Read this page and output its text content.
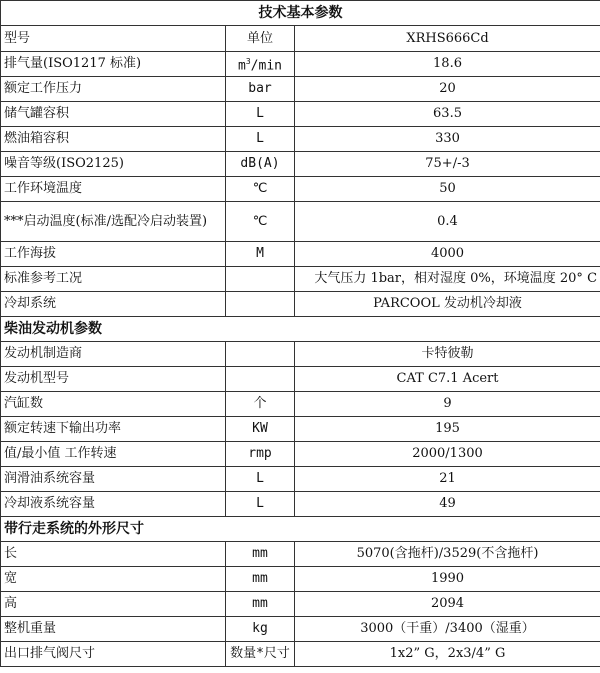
技术基本参数		
型号	单位	XRHS666Cd
排气量(ISO1217 标准)	$m^3/\min$	18.6
额定工作压力	bar	20
储气罐容积	L	63.5
燃油箱容积	L	330
噪音等级(ISO2125)	dB(A)	75+/-3
工作环境温度	℃	50
***启动温度(标准/选配冷启动装置)	℃	0.4
工作海拔	M	4000
标准参考工况		大气压力 1bar，相对湿度 0%，环境温度 20° C
冷却系统		PARCOOL 发动机冷却液
柴油发动机参数		
发动机制造商		卡特彼勒
发动机型号		CAT C7.1 Acert
汽缸数	个	9
额定转速下输出功率	KW	195
值/最小值 工作转速	rmp	2000/1300
润滑油系统容量	L	21
冷却液系统容量	L	49
带行走系统的外形尺寸		
长	mm	5070(含拖杆)/3529(不含拖杆)
宽	mm	1990
高	mm	2094
整机重量	kg	3000（干重）/3400（湿重）
出口排气阀尺寸	数量*尺寸	1x2” G，2x3/4” G
